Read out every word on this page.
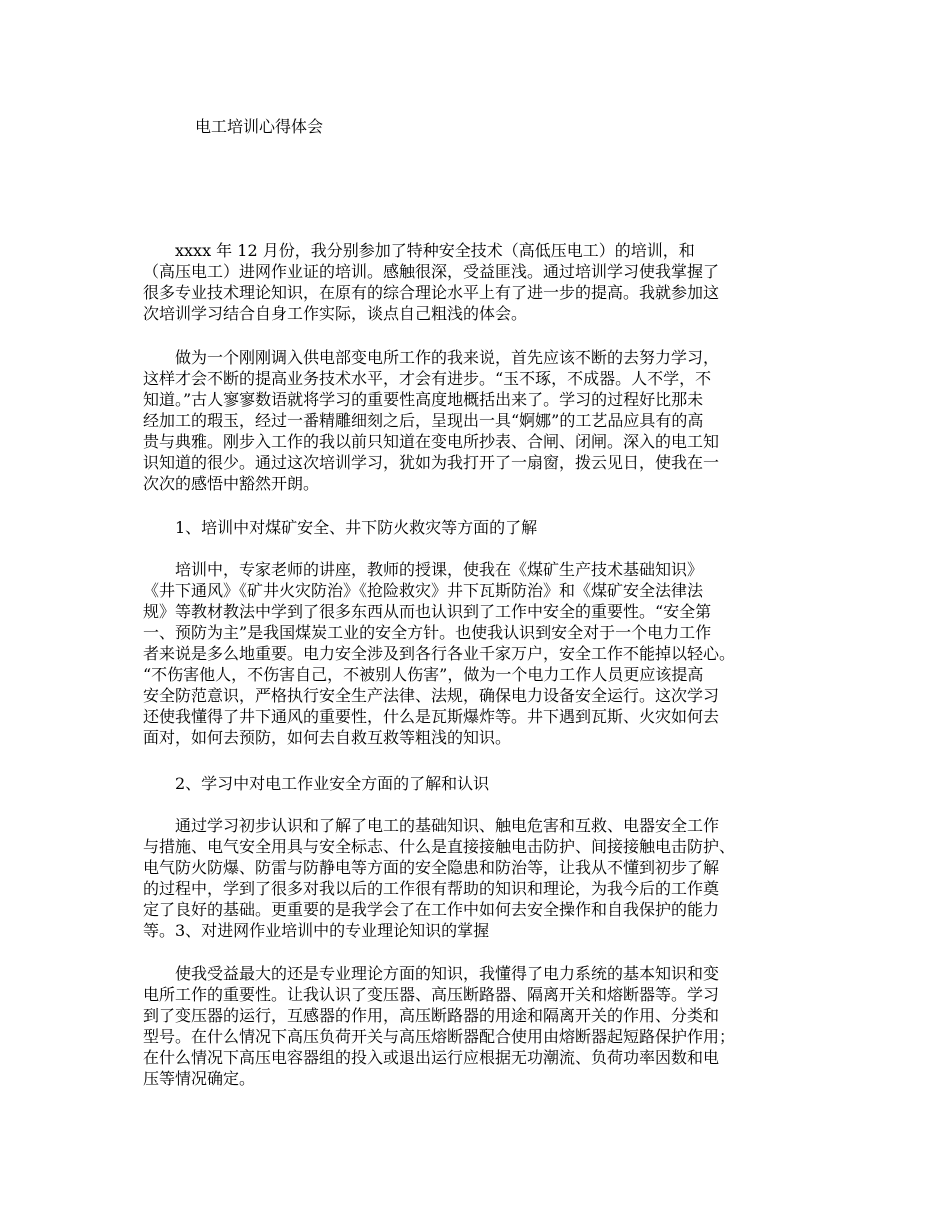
电工培训心得体会
　　xxxx 年 12 月份，我分别参加了特种安全技术（高低压电工）的培训，和
（高压电工）进网作业证的培训。感触很深，受益匪浅。通过培训学习使我掌握了
很多专业技术理论知识，在原有的综合理论水平上有了进一步的提高。我就参加这
次培训学习结合自身工作实际，谈点自己粗浅的体会。
　　做为一个刚刚调入供电部变电所工作的我来说，首先应该不断的去努力学习，
这样才会不断的提高业务技术水平，才会有进步。“玉不琢，不成器。人不学，不
知道。”古人寥寥数语就将学习的重要性高度地概括出来了。学习的过程好比那未
经加工的瑕玉，经过一番精雕细刻之后，呈现出一具“婀娜”的工艺品应具有的高
贵与典雅。刚步入工作的我以前只知道在变电所抄表、合闸、闭闸。深入的电工知
识知道的很少。通过这次培训学习，犹如为我打开了一扇窗，拨云见日，使我在一
次次的感悟中豁然开朗。
　　1、培训中对煤矿安全、井下防火救灾等方面的了解
　　培训中，专家老师的讲座，教师的授课，使我在《煤矿生产技术基础知识》
《井下通风》《矿井火灾防治》《抢险救灾》井下瓦斯防治》和《煤矿安全法律法
规》等教材教法中学到了很多东西从而也认识到了工作中安全的重要性。“安全第
一、预防为主”是我国煤炭工业的安全方针。也使我认识到安全对于一个电力工作
者来说是多么地重要。电力安全涉及到各行各业千家万户，安全工作不能掉以轻心。
“不伤害他人，不伤害自己，不被别人伤害”，做为一个电力工作人员更应该提高
安全防范意识，严格执行安全生产法律、法规，确保电力设备安全运行。这次学习
还使我懂得了井下通风的重要性，什么是瓦斯爆炸等。井下遇到瓦斯、火灾如何去
面对，如何去预防，如何去自救互救等粗浅的知识。
　　2、学习中对电工作业安全方面的了解和认识
　　通过学习初步认识和了解了电工的基础知识、触电危害和互救、电器安全工作
与措施、电气安全用具与安全标志、什么是直接接触电击防护、间接接触电击防护、
电气防火防爆、防雷与防静电等方面的安全隐患和防治等，让我从不懂到初步了解
的过程中，学到了很多对我以后的工作很有帮助的知识和理论，为我今后的工作奠
定了良好的基础。更重要的是我学会了在工作中如何去安全操作和自我保护的能力
等。3、对进网作业培训中的专业理论知识的掌握
　　使我受益最大的还是专业理论方面的知识，我懂得了电力系统的基本知识和变
电所工作的重要性。让我认识了变压器、高压断路器、隔离开关和熔断器等。学习
到了变压器的运行，互感器的作用，高压断路器的用途和隔离开关的作用、分类和
型号。在什么情况下高压负荷开关与高压熔断器配合使用由熔断器起短路保护作用；
在什么情况下高压电容器组的投入或退出运行应根据无功潮流、负荷功率因数和电
压等情况确定。
